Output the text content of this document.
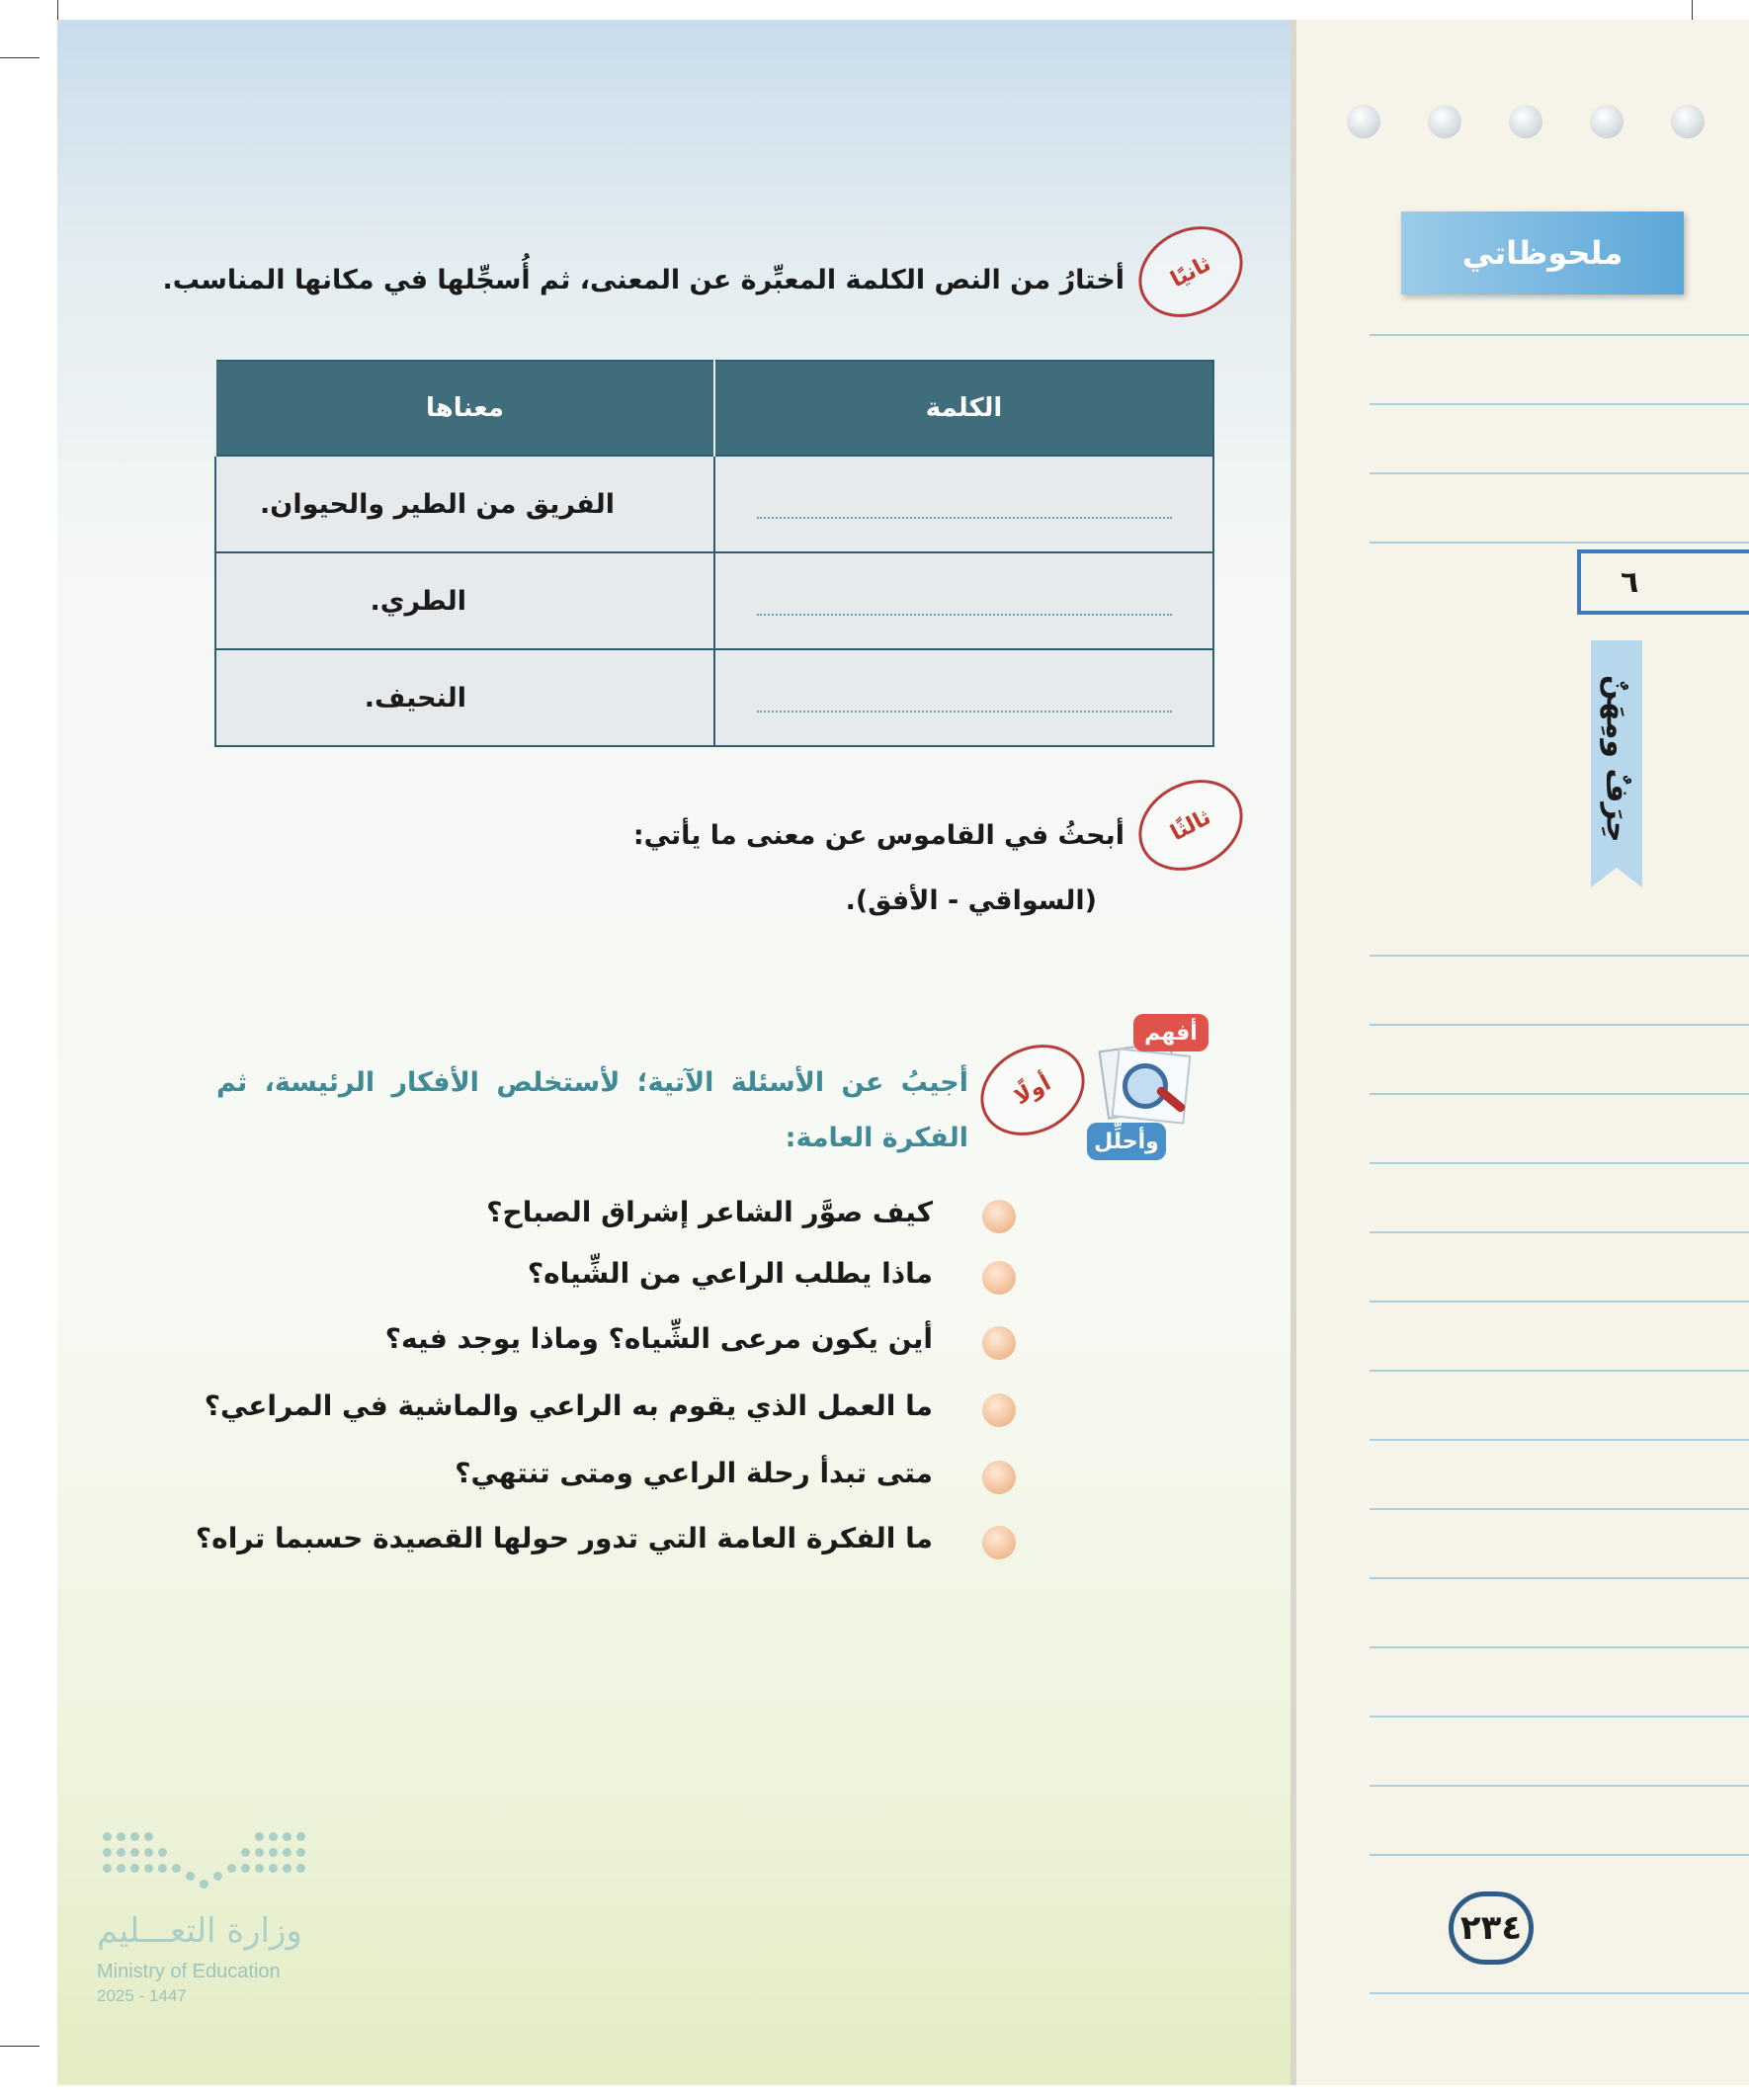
ملحوظاتي
٦
حِرَفٌ ومِهَنٌ
٢٣٤
ثانيًا
أختارُ من النص الكلمة المعبِّرة عن المعنى، ثم أُسجِّلها في مكانها المناسب.
الكلمة	معناها

	الفريق من الطير والحيوان.

	الطري.

	النحيف.
ثالثًا
أبحثُ في القاموس عن معنى ما يأتي:
(السواقي - الأفق).
أفهم
وأحلِّل
أولًا
أجيبُ عن الأسئلة الآتية؛ لأستخلص الأفكار الرئيسة، ثم
الفكرة العامة:
كيف صوَّر الشاعر إشراق الصباح؟
ماذا يطلب الراعي من الشِّياه؟
أين يكون مرعى الشِّياه؟ وماذا يوجد فيه؟
ما العمل الذي يقوم به الراعي والماشية في المراعي؟
متى تبدأ رحلة الراعي ومتى تنتهي؟
ما الفكرة العامة التي تدور حولها القصيدة حسبما تراه؟
وزارة التعـــليم
Ministry of Education
2025 - 1447
